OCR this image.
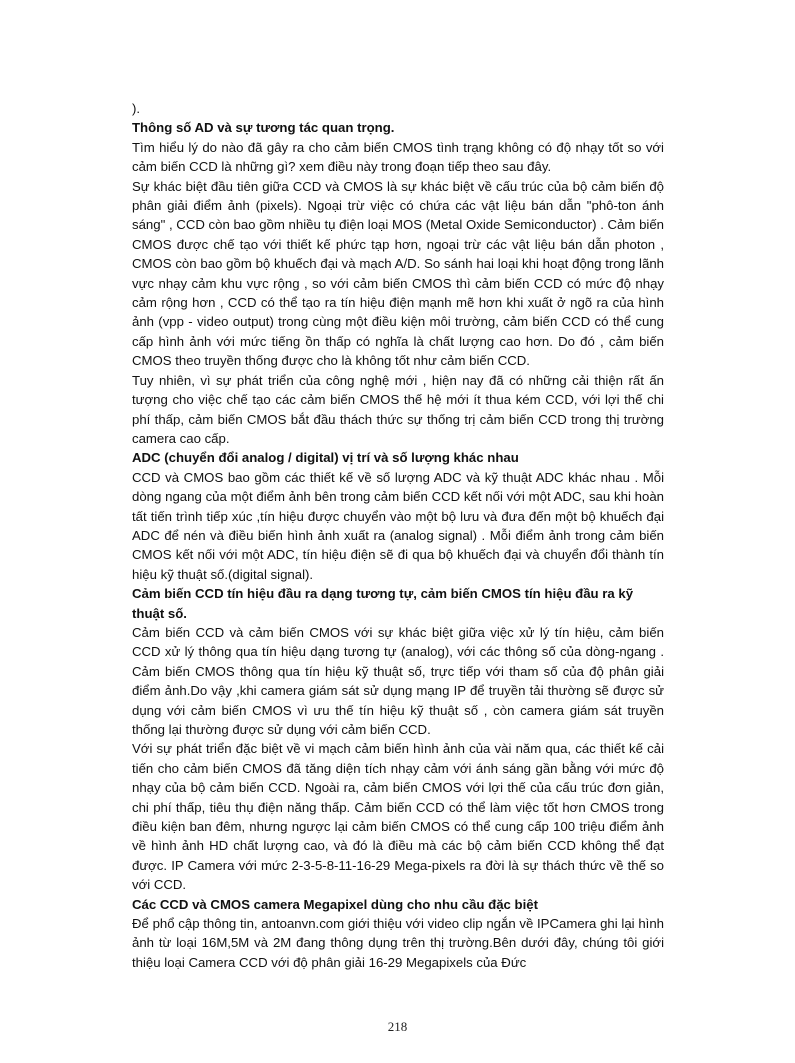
).

Thông số AD và sự tương tác quan trọng.

Tìm hiểu lý do nào đã gây ra cho cảm biến CMOS tình trạng không có độ nhạy tốt so với cảm biến CCD là những gì? xem điều này trong đoạn tiếp theo sau đây.

Sự khác biệt đầu tiên giữa CCD và CMOS là sự khác biệt về cấu trúc của bộ cảm biến độ phân giải điểm ảnh (pixels). Ngoại trừ việc có chứa các vật liệu bán dẫn "phô-ton ánh sáng" , CCD còn bao gồm nhiều tụ điện loại MOS (Metal Oxide Semiconductor) . Cảm biến CMOS được chế tạo với thiết kế phức tạp hơn, ngoại trừ các vật liệu bán dẫn photon , CMOS còn bao gồm bộ khuếch đại và mạch A/D. So sánh hai loại khi hoạt động trong lãnh vực nhạy cảm khu vực rộng , so với cảm biến CMOS thì cảm biến CCD có mức độ nhạy cảm rộng hơn , CCD có thể tạo ra tín hiệu điện mạnh mẽ hơn khi xuất ở ngõ ra của hình ảnh (vpp - video output) trong cùng một điều kiện môi trường, cảm biến CCD có thể cung cấp hình ảnh với mức tiếng ồn thấp có nghĩa là chất lượng cao hơn. Do đó , cảm biến CMOS theo truyền thống được cho là không tốt như cảm biến CCD.

Tuy nhiên, vì sự phát triển của công nghệ mới , hiện nay đã có những cải thiện rất ấn tượng cho việc chế tạo các cảm biến CMOS thế hệ mới ít thua kém CCD, với lợi thế chi phí thấp, cảm biến CMOS bắt đầu thách thức sự thống trị cảm biến CCD trong thị trường camera cao cấp.

ADC (chuyển đổi analog / digital) vị trí và số lượng khác nhau

CCD và CMOS bao gồm các thiết kế về số lượng ADC và kỹ thuật ADC khác nhau . Mỗi dòng ngang của một điểm ảnh bên trong cảm biến CCD kết nối với một ADC, sau khi hoàn tất tiến trình tiếp xúc ,tín hiệu được chuyển vào một bộ lưu và đưa đến một bộ khuếch đại ADC để nén và điều biến hình ảnh xuất ra (analog signal) . Mỗi điểm ảnh trong cảm biến CMOS kết nối với một ADC, tín hiệu điện sẽ đi qua bộ khuếch đại và chuyển đổi thành tín hiệu kỹ thuật số.(digital signal).

Cảm biến CCD tín hiệu đầu ra dạng tương tự, cảm biến CMOS tín hiệu đầu ra kỹ thuật số.

Cảm biến CCD và cảm biến CMOS với sự khác biệt giữa việc xử lý tín hiệu, cảm biến CCD xử lý thông qua tín hiệu dạng tương tự (analog), với các thông số của dòng-ngang . Cảm biến CMOS thông qua tín hiệu kỹ thuật số, trực tiếp với tham số của độ phân giải điểm ảnh.Do vậy ,khi camera giám sát sử dụng mạng IP để truyền tải thường sẽ được sử dụng với cảm biến CMOS vì ưu thế tín hiệu kỹ thuật số , còn camera giám sát truyền thống lại thường được sử dụng với cảm biến CCD.

Với sự phát triển đặc biệt về vi mạch cảm biến hình ảnh của vài năm qua, các thiết kế cải tiến cho cảm biến CMOS đã tăng diện tích nhạy cảm với ánh sáng gần bằng với mức độ nhạy của bộ cảm biến CCD. Ngoài ra, cảm biến CMOS với lợi thế của cấu trúc đơn giản, chi phí thấp, tiêu thụ điện năng thấp. Cảm biến CCD có thể làm việc tốt hơn CMOS trong điều kiện ban đêm, nhưng ngược lại cảm biến CMOS có thể cung cấp 100 triệu điểm ảnh về hình ảnh HD chất lượng cao, và đó là điều mà các bộ cảm biến CCD không thể đạt được. IP Camera với mức 2-3-5-8-11-16-29 Mega-pixels ra đời là sự thách thức về thế so với CCD.

Các CCD và CMOS camera Megapixel dùng cho nhu cầu đặc biệt

Để phổ cập thông tin, antoanvn.com giới thiệu với video clip ngắn về IPCamera ghi lại hình ảnh từ loại 16M,5M và 2M đang thông dụng trên thị trường.Bên dưới đây, chúng tôi giới thiệu loại Camera CCD với độ phân giải 16-29 Megapixels của Đức

218
